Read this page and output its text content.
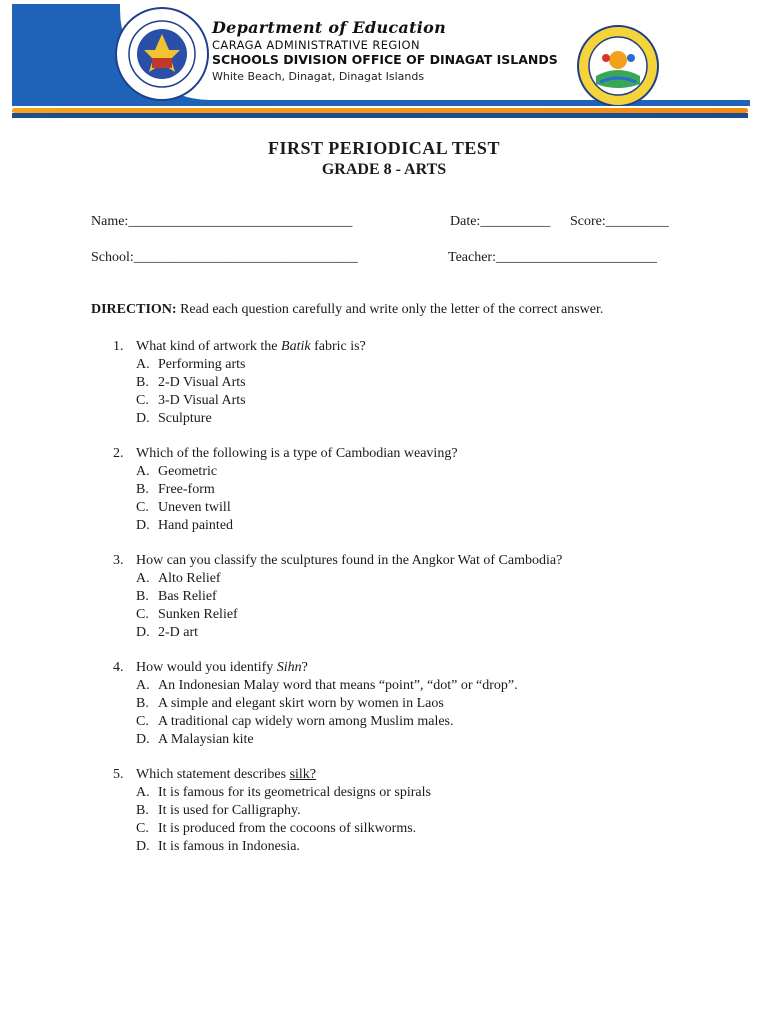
Department of Education
CARAGA ADMINISTRATIVE REGION
SCHOOLS DIVISION OFFICE OF DINAGAT ISLANDS
White Beach, Dinagat, Dinagat Islands
FIRST PERIODICAL TEST
GRADE 8 - ARTS
Name:________________________________	Date:__________ Score:_________
School:________________________________	Teacher:_______________________
DIRECTION: Read each question carefully and write only the letter of the correct answer.
1. What kind of artwork the Batik fabric is?
A. Performing arts
B. 2-D Visual Arts
C. 3-D Visual Arts
D. Sculpture
2. Which of the following is a type of Cambodian weaving?
A. Geometric
B. Free-form
C. Uneven twill
D. Hand painted
3. How can you classify the sculptures found in the Angkor Wat of Cambodia?
A. Alto Relief
B. Bas Relief
C. Sunken Relief
D. 2-D art
4. How would you identify Sihn?
A. An Indonesian Malay word that means “point”, “dot” or “drop”.
B. A simple and elegant skirt worn by women in Laos
C. A traditional cap widely worn among Muslim males.
D. A Malaysian kite
5. Which statement describes silk?
A. It is famous for its geometrical designs or spirals
B. It is used for Calligraphy.
C. It is produced from the cocoons of silkworms.
D. It is famous in Indonesia.
